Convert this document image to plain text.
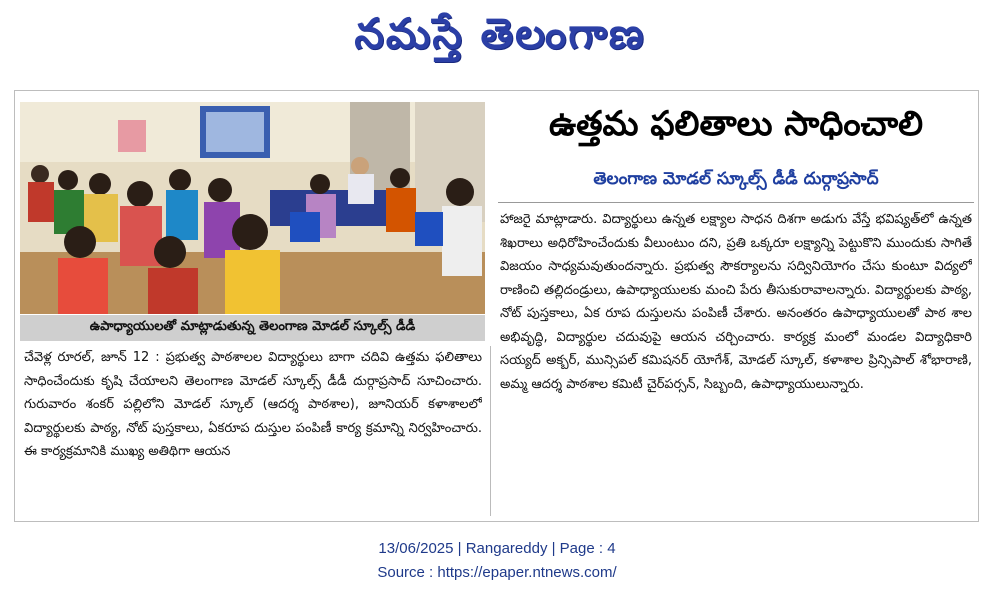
నమస్తే తెలంగాణ
ఉపాధ్యాయులతో మాట్లాడుతున్న తెలంగాణ మోడల్ స్కూల్స్ డీడీ
ఉత్తమ ఫలితాలు సాధించాలి
తెలంగాణ మోడల్ స్కూల్స్ డీడీ దుర్గాప్రసాద్
చేవెళ్ల రూరల్, జూన్ 12 : ప్రభుత్వ పాఠశాలల విద్యార్థులు బాగా చదివి ఉత్తమ ఫలితాలు సాధించేందుకు కృషి చేయాలని తెలంగాణ మోడల్ స్కూల్స్ డీడీ దుర్గాప్రసాద్ సూచించారు. గురువారం శంకర్ పల్లిలోని మోడల్ స్కూల్ (ఆదర్శ పాఠశాల), జూనియర్ కళాశాలలో విద్యార్థులకు పాఠ్య, నోట్ పుస్తకాలు, ఏకరూప దుస్తుల పంపిణీ కార్య క్రమాన్ని నిర్వహించారు. ఈ కార్యక్రమానికి ముఖ్య అతిథిగా ఆయన
హాజరై మాట్లాడారు. విద్యార్థులు ఉన్నత లక్ష్యాల సాధన దిశగా అడుగు వేస్తే భవిష్యత్‌లో ఉన్నత శిఖరాలు అధిరోహించేందుకు వీలుంటుం దని, ప్రతి ఒక్కరూ లక్ష్యాన్ని పెట్టుకొని ముందుకు సాగితే విజయం సాధ్యమవుతుందన్నారు. ప్రభుత్వ సౌకర్యాలను సద్వినియోగం చేసు కుంటూ విద్యలో రాణించి తల్లిదండ్రులు, ఉపాధ్యాయులకు మంచి పేరు తీసుకురావాలన్నారు. విద్యార్థులకు పాఠ్య, నోట్ పుస్తకాలు, ఏక రూప దుస్తులను పంపిణీ చేశారు. అనంతరం ఉపాధ్యాయులతో పాఠ శాల అభివృద్ధి, విద్యార్థుల చదువుపై ఆయన చర్చించారు. కార్యక్ర మంలో మండల విద్యాధికారి సయ్యద్ అక్బర్, మున్సిపల్ కమిషనర్ యోగేశ్, మోడల్ స్కూల్, కళాశాల ప్రిన్సిపాల్ శోభారాణి, అమ్మ ఆదర్శ పాఠశాల కమిటీ చైర్‌పర్సన్, సిబ్బంది, ఉపాధ్యాయులున్నారు.
13/06/2025 | Rangareddy | Page : 4
Source : https://epaper.ntnews.com/
